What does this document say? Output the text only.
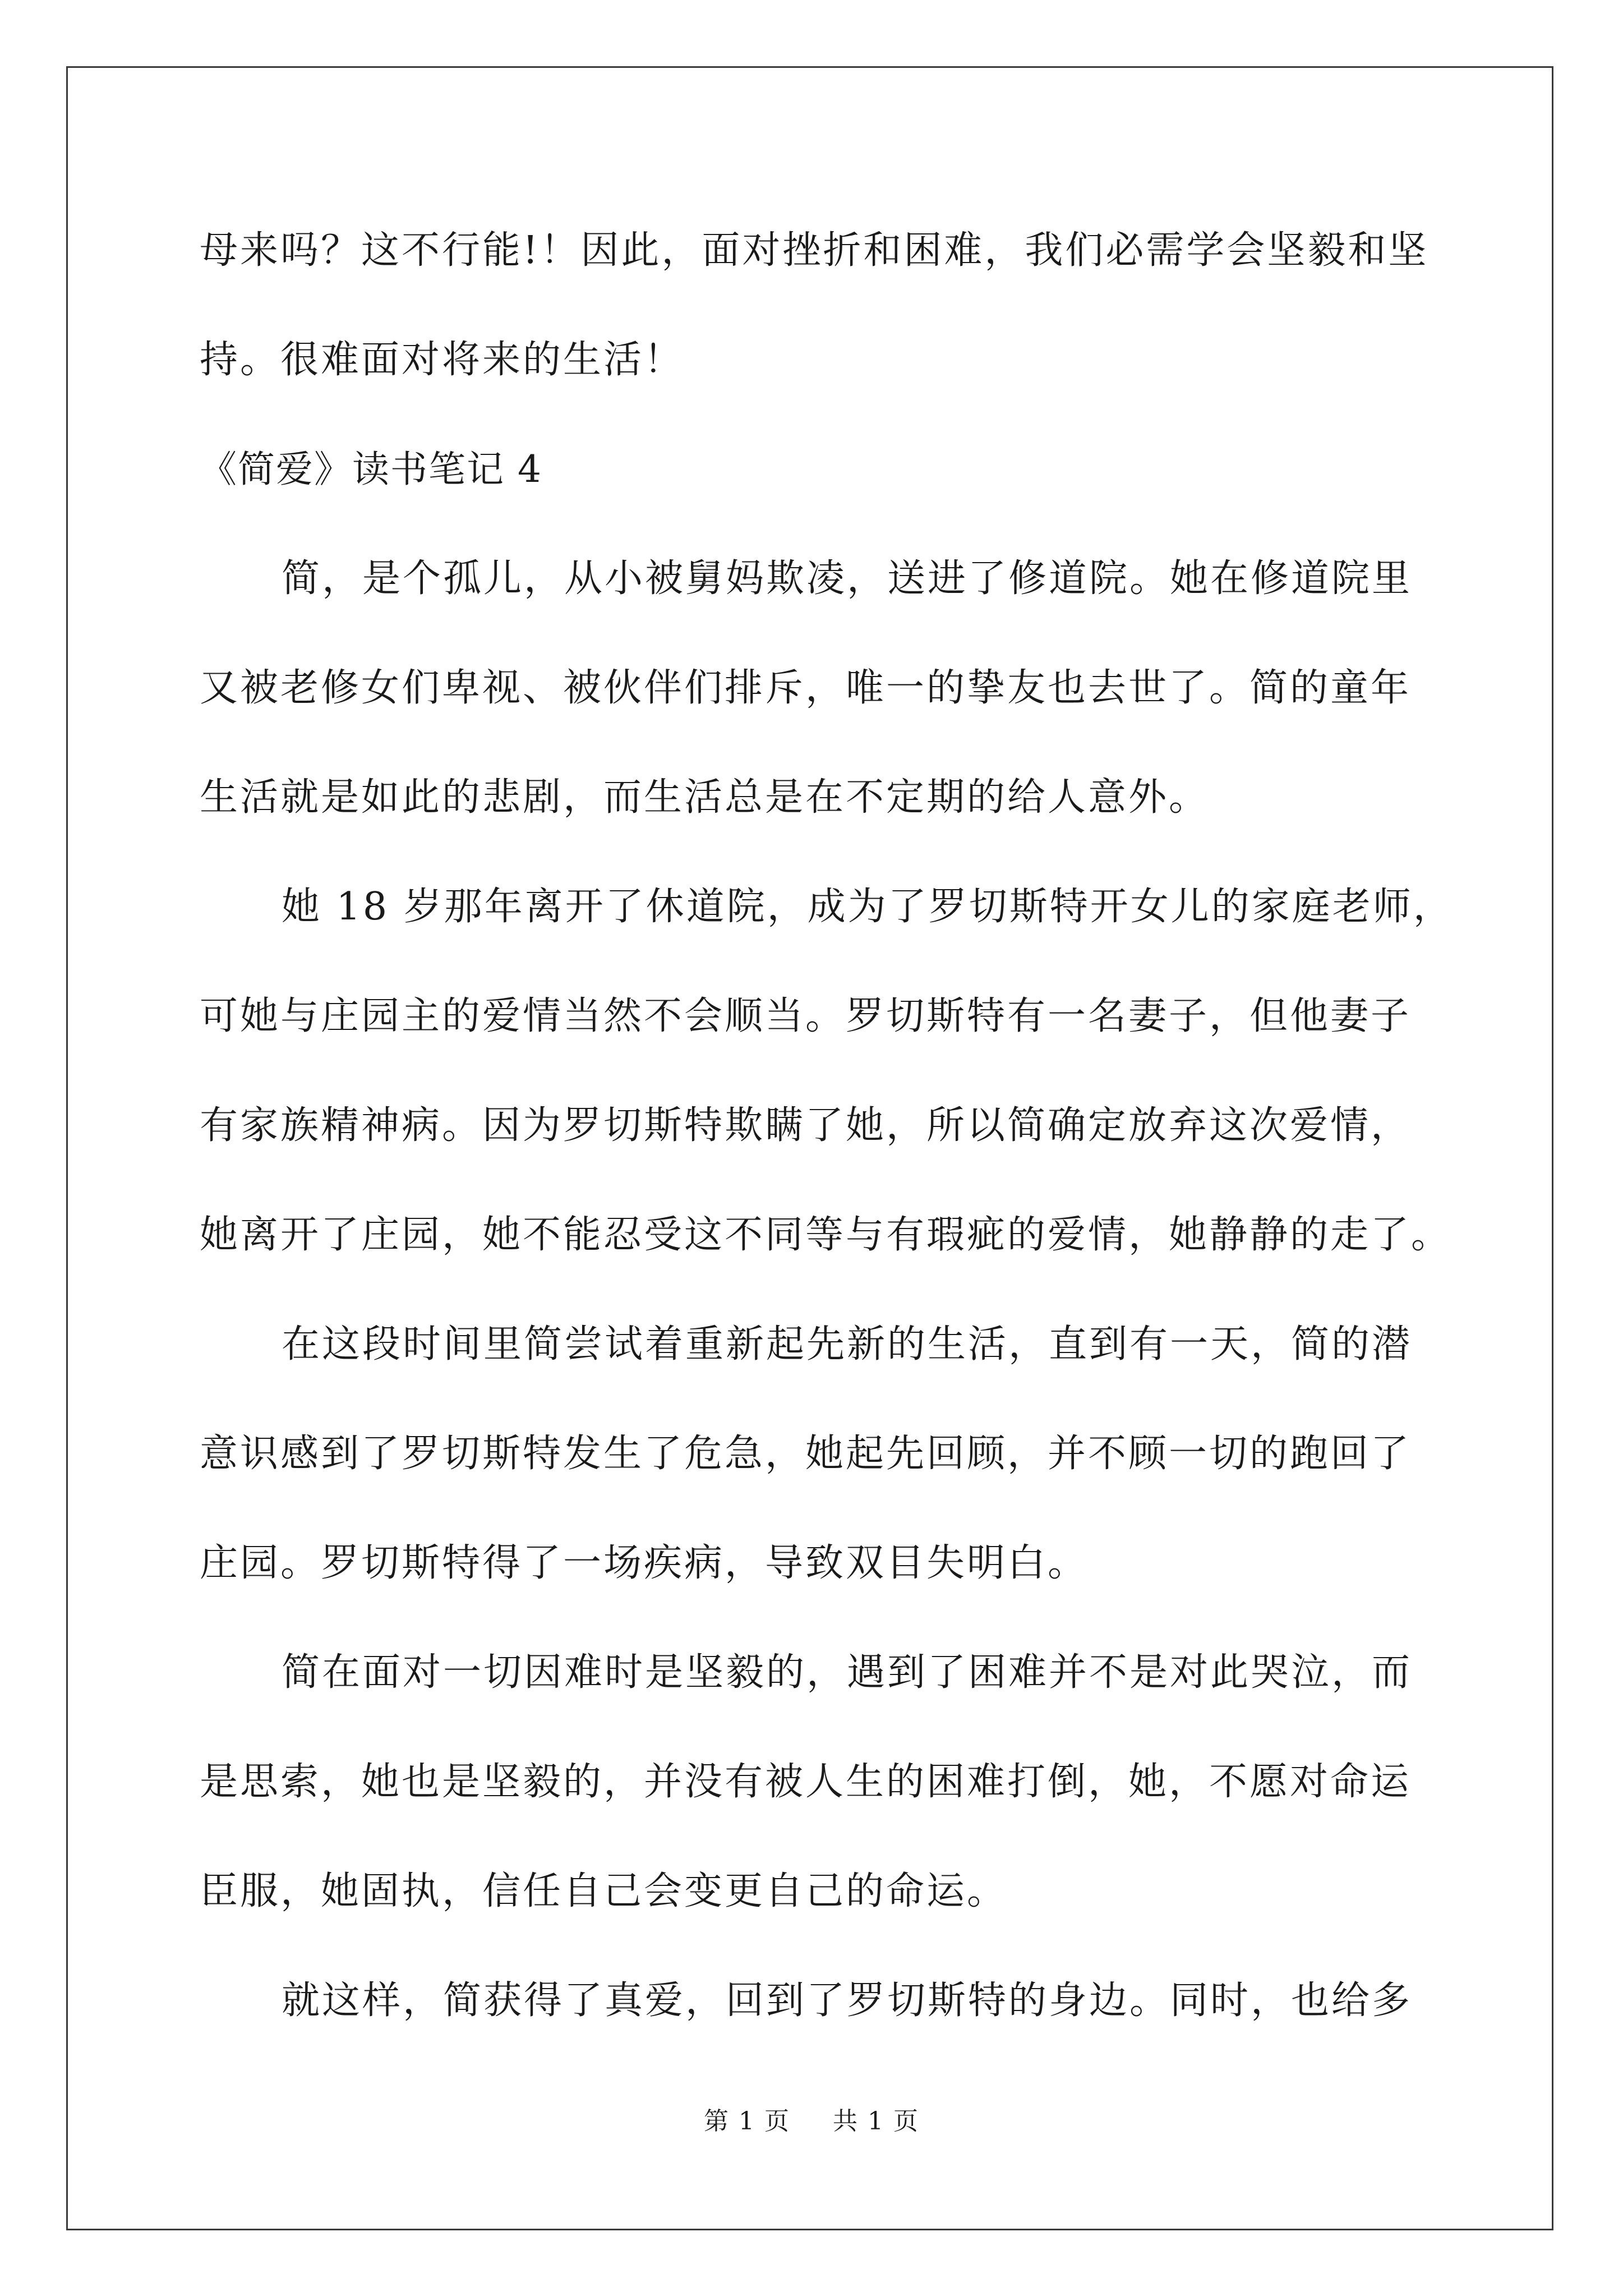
母来吗？这不行能!！因此，面对挫折和困难，我们必需学会坚毅和坚
持。很难面对将来的生活！
《简爱》读书笔记 4
简，是个孤儿，从小被舅妈欺凌，送进了修道院。她在修道院里
又被老修女们卑视、被伙伴们排斥，唯一的挚友也去世了。简的童年
生活就是如此的悲剧，而生活总是在不定期的给人意外。
她 18 岁那年离开了休道院，成为了罗切斯特开女儿的家庭老师，
可她与庄园主的爱情当然不会顺当。罗切斯特有一名妻子，但他妻子
有家族精神病。因为罗切斯特欺瞒了她，所以简确定放弃这次爱情，
她离开了庄园，她不能忍受这不同等与有瑕疵的爱情，她静静的走了。
在这段时间里简尝试着重新起先新的生活，直到有一天，简的潜
意识感到了罗切斯特发生了危急，她起先回顾，并不顾一切的跑回了
庄园。罗切斯特得了一场疾病，导致双目失明白。
简在面对一切因难时是坚毅的，遇到了困难并不是对此哭泣，而
是思索，她也是坚毅的，并没有被人生的困难打倒，她，不愿对命运
臣服，她固执，信任自己会变更自己的命运。
就这样，简获得了真爱，回到了罗切斯特的身边。同时，也给多
第 1 页 共 1 页
